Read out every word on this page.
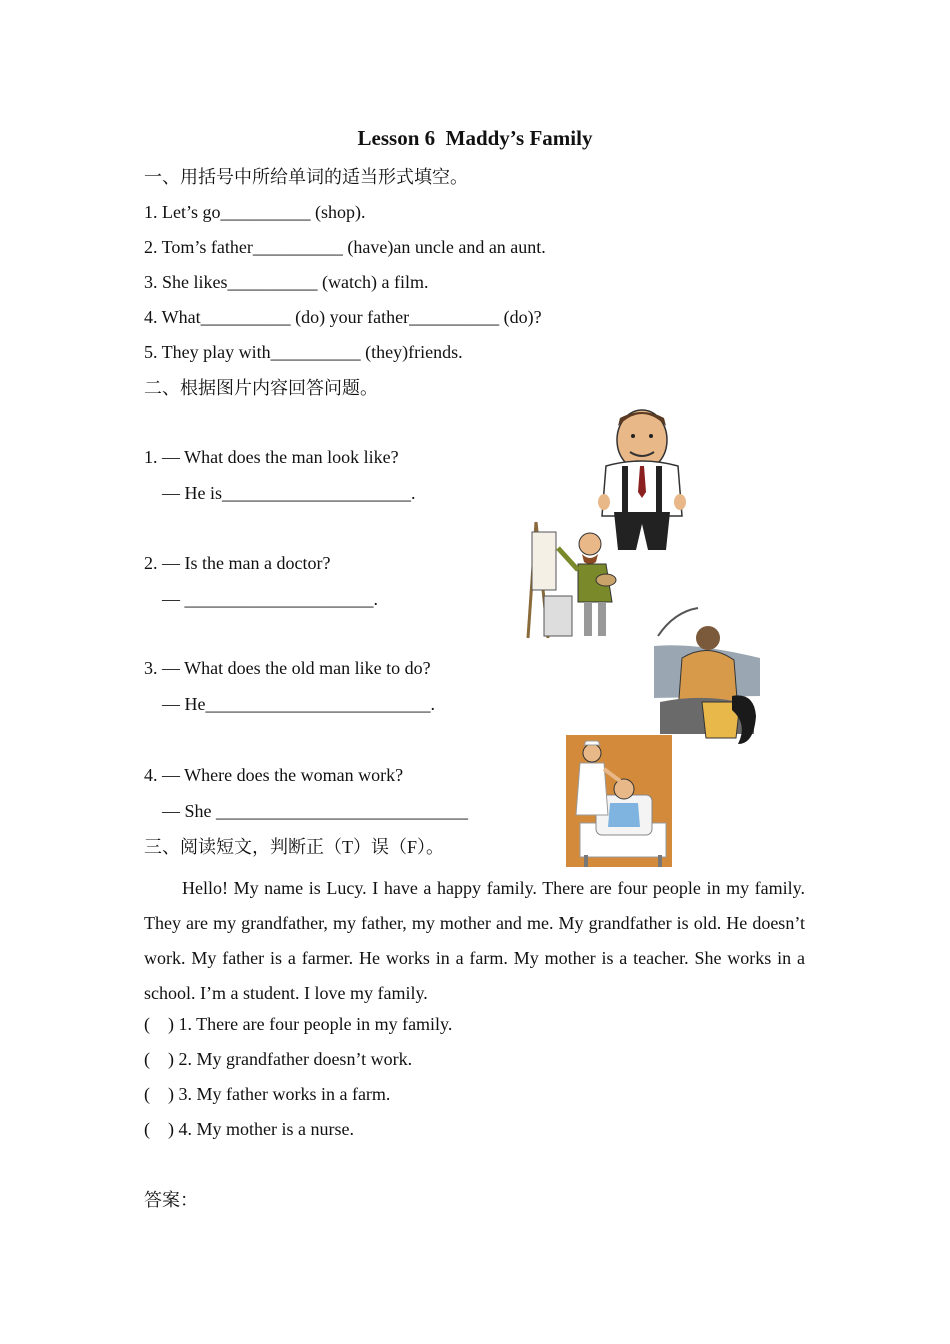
Lesson 6  Maddy’s Family
一、用括号中所给单词的适当形式填空。
1. Let’s go__________ (shop).
2. Tom’s father__________ (have)an uncle and an aunt.
3. She likes__________ (watch) a film.
4. What__________ (do) your father__________ (do)?
5. They play with__________ (they)friends.
二、根据图片内容回答问题。
1. — What does the man look like?
— He is_____________________.
2. — Is the man a doctor?
— _____________________.
3. — What does the old man like to do?
— He_________________________.
4. — Where does the woman work?
— She ____________________________
三、阅读短文，判断正（T）误（F）。
Hello! My name is Lucy. I have a happy family. There are four people in my family. They are my grandfather, my father, my mother and me. My grandfather is old. He doesn’t work. My father is a farmer. He works in a farm. My mother is a teacher. She works in a school. I’m a student. I love my family.
(    ) 1. There are four people in my family.
(    ) 2. My grandfather doesn’t work.
(    ) 3. My father works in a farm.
(    ) 4. My mother is a nurse.
答案：
